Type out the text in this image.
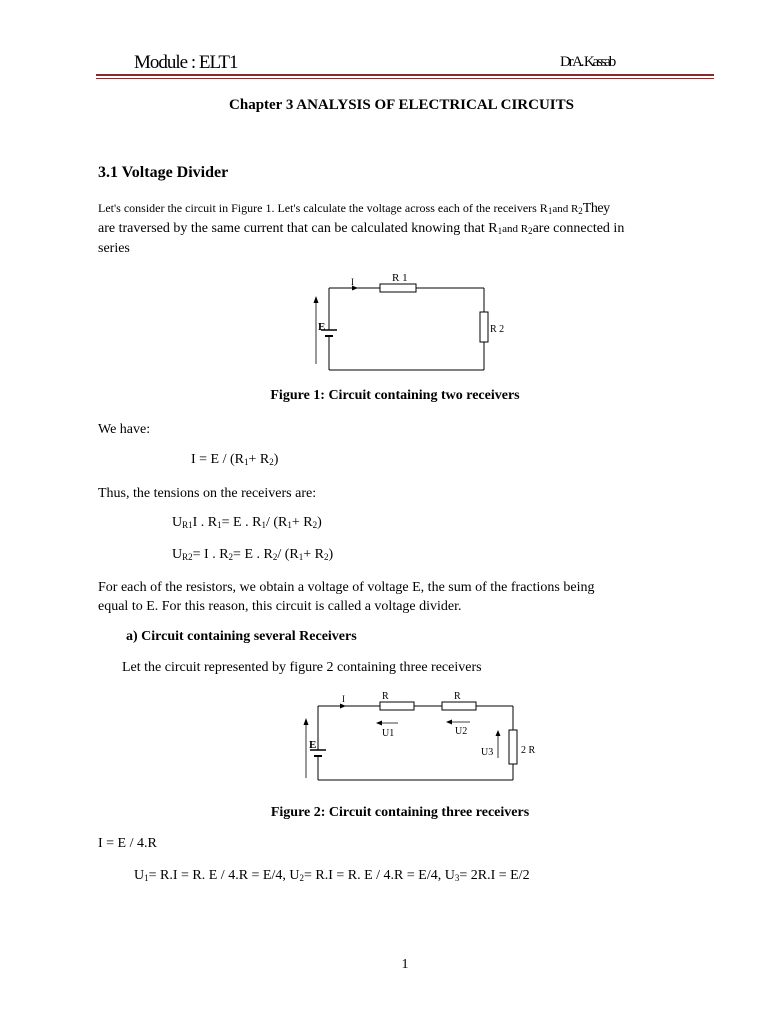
Module : ELT1	Dr A. Kassab
Chapter 3 ANALYSIS OF ELECTRICAL CIRCUITS
3.1 Voltage Divider
Let's consider the circuit in Figure 1. Let's calculate the voltage across each of the receivers $R_1and$ $R_2They$
are traversed by the same current that can be calculated knowing that $R_1and$ $R_2are$ connected in
series
I	R 1
R 2
E
Figure 1: Circuit containing two receivers
We have:
$I = E / (R_1+ R_2)$
Thus, the tensions on the receivers are:
$U_{R1}I$ . $R_1= E$ . $R_1/$ $(R_1+ R_2)$
$U_{R2}= I$ . $R_2= E$ . $R_2/$ $(R_1+ R_2)$
For each of the resistors, we obtain a voltage of voltage E, the sum of the fractions being
equal to E. For this reason, this circuit is called a voltage divider.
a) Circuit containing several Receivers
Let the circuit represented by figure 2 containing three receivers
I	R	R
U1	U2
U3	2 R
E
Figure 2: Circuit containing three receivers
I = E / 4.R
$U_1= R.I = R$. E / 4.R = E/4, $U_2= R.I = R$. E / 4.R = E/4, $U_3= 2R.I = E/2$
1
